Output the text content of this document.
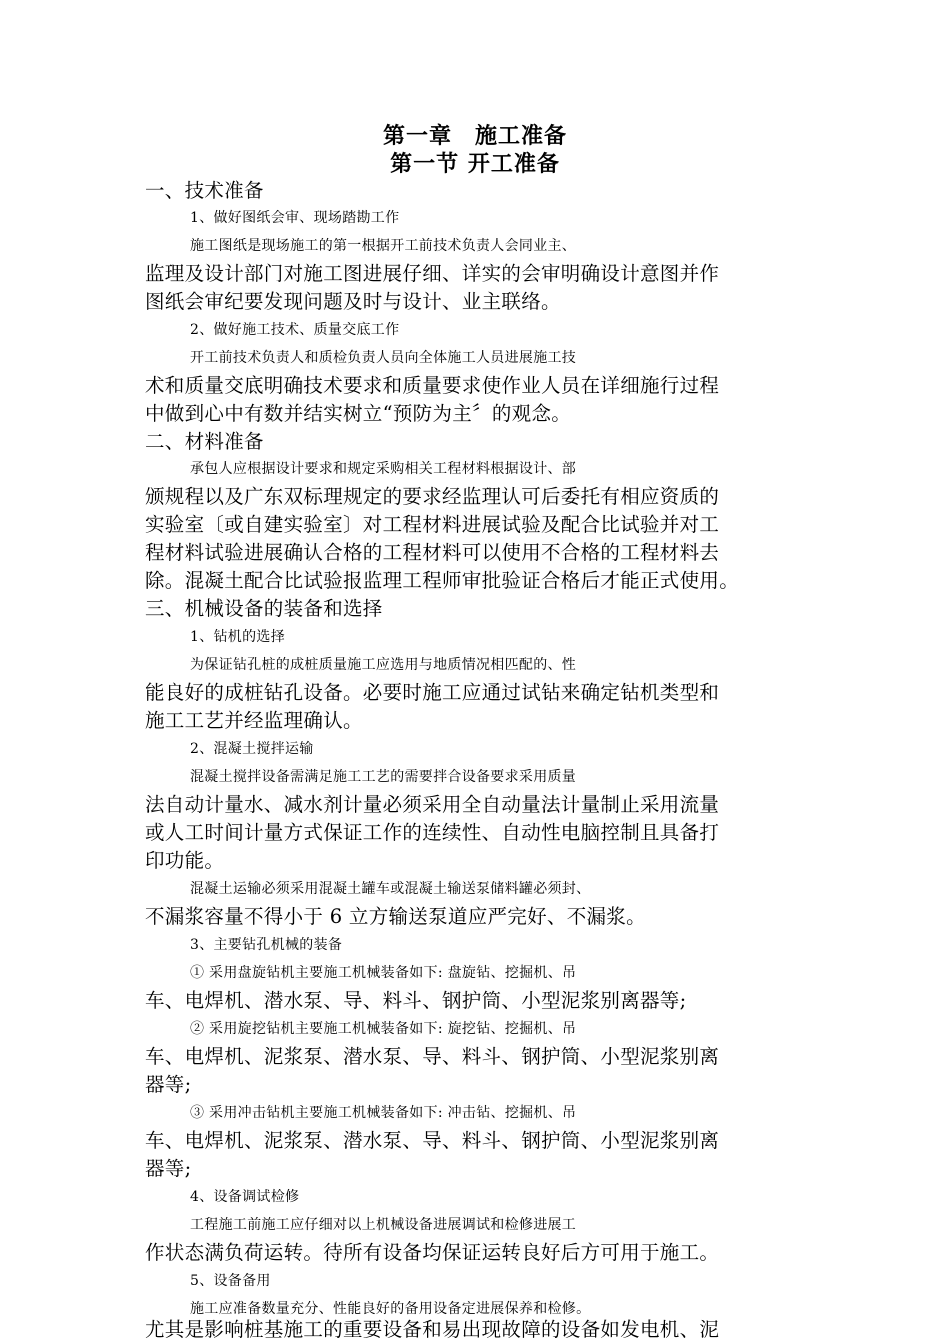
第一章　施工准备
第一节 开工准备
一、技术准备
1、做好图纸会审、现场踏勘工作
施工图纸是现场施工的第一根据开工前技术负责人会同业主、
监理及设计部门对施工图进展仔细、详实的会审明确设计意图并作
图纸会审纪要发现问题及时与设计、业主联络。
2、做好施工技术、质量交底工作
开工前技术负责人和质检负责人员向全体施工人员进展施工技
术和质量交底明确技术要求和质量要求使作业人员在详细施行过程
中做到心中有数并结实树立“预防为主〞的观念。
二、材料准备
承包人应根据设计要求和规定采购相关工程材料根据设计、部
颁规程以及广东双标理规定的要求经监理认可后委托有相应资质的
实验室〔或自建实验室〕对工程材料进展试验及配合比试验并对工
程材料试验进展确认合格的工程材料可以使用不合格的工程材料去
除。混凝土配合比试验报监理工程师审批验证合格后才能正式使用。
三、机械设备的装备和选择
1、钻机的选择
为保证钻孔桩的成桩质量施工应选用与地质情况相匹配的、性
能良好的成桩钻孔设备。必要时施工应通过试钻来确定钻机类型和
施工工艺并经监理确认。
2、混凝土搅拌运输
混凝土搅拌设备需满足施工工艺的需要拌合设备要求采用质量
法自动计量水、减水剂计量必须采用全自动量法计量制止采用流量
或人工时间计量方式保证工作的连续性、自动性电脑控制且具备打
印功能。
混凝土运输必须采用混凝土罐车或混凝土输送泵储料罐必须封、
不漏浆容量不得小于 6 立方输送泵道应严完好、不漏浆。
3、主要钻孔机械的装备
① 采用盘旋钻机主要施工机械装备如下: 盘旋钻、挖掘机、吊
车、电焊机、潜水泵、导、料斗、钢护筒、小型泥浆别离器等;
② 采用旋挖钻机主要施工机械装备如下: 旋挖钻、挖掘机、吊
车、电焊机、泥浆泵、潜水泵、导、料斗、钢护筒、小型泥浆别离
器等;
③ 采用冲击钻机主要施工机械装备如下: 冲击钻、挖掘机、吊
车、电焊机、泥浆泵、潜水泵、导、料斗、钢护筒、小型泥浆别离
器等;
4、设备调试检修
工程施工前施工应仔细对以上机械设备进展调试和检修进展工
作状态满负荷运转。待所有设备均保证运转良好后方可用于施工。
5、设备备用
施工应准备数量充分、性能良好的备用设备定进展保养和检修。
尤其是影响桩基施工的重要设备和易出现故障的设备如发电机、泥
